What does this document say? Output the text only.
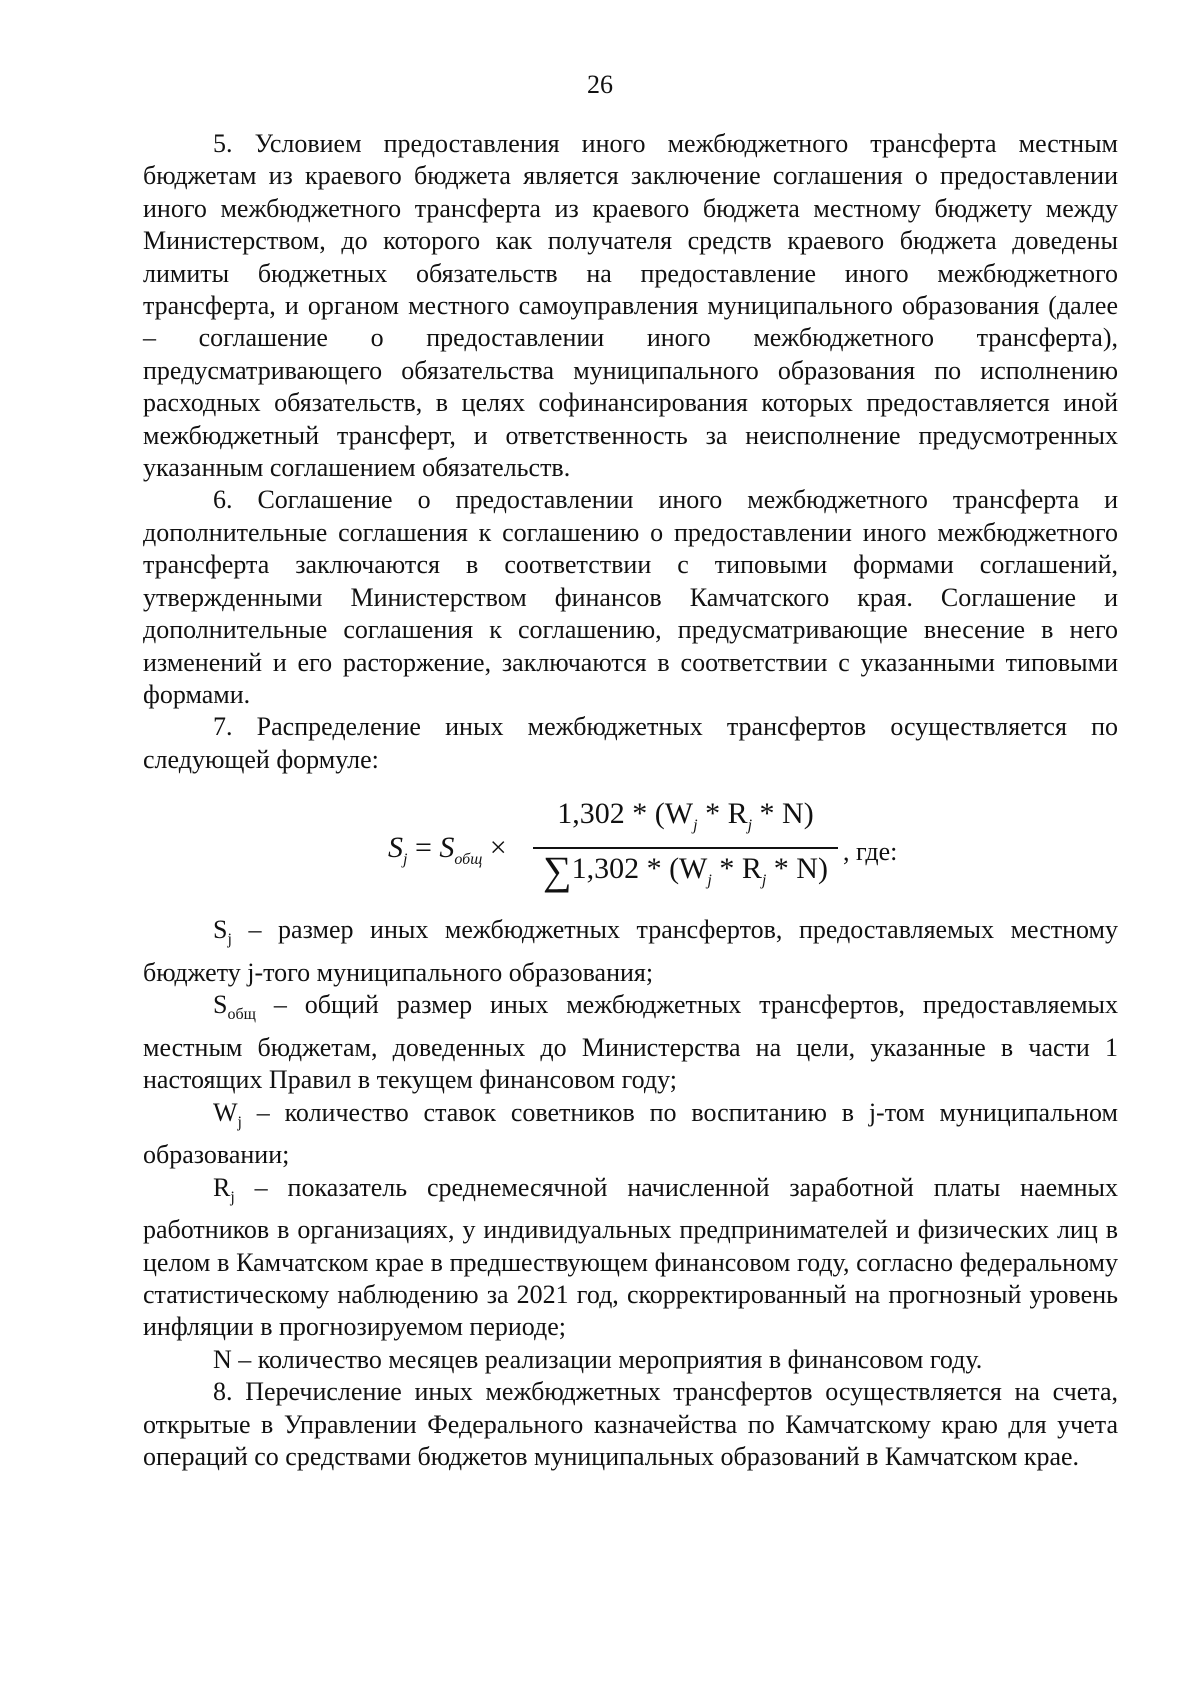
26

5. Условием предоставления иного межбюджетного трансферта местным бюджетам из краевого бюджета является заключение соглашения о предоставлении иного межбюджетного трансферта из краевого бюджета местному бюджету между Министерством, до которого как получателя средств краевого бюджета доведены лимиты бюджетных обязательств на предоставление иного межбюджетного трансферта, и органом местного самоуправления муниципального образования (далее – соглашение о предоставлении иного межбюджетного трансферта), предусматривающего обязательства муниципального образования по исполнению расходных обязательств, в целях софинансирования которых предоставляется иной межбюджетный трансферт, и ответственность за неисполнение предусмотренных указанным соглашением обязательств.

6. Соглашение о предоставлении иного межбюджетного трансферта и дополнительные соглашения к соглашению о предоставлении иного межбюджетного трансферта заключаются в соответствии с типовыми формами соглашений, утвержденными Министерством финансов Камчатского края. Соглашение и дополнительные соглашения к соглашению, предусматривающие внесение в него изменений и его расторжение, заключаются в соответствии с указанными типовыми формами.

7. Распределение иных межбюджетных трансфертов осуществляется по следующей формуле:

$S_j = S_{общ}$ ×
$1,302 * (W_j * R_j * N)$
$\sum 1,302 * (W_j * R_j * N)$ , где:

$S_j$ – размер иных межбюджетных трансфертов, предоставляемых местному бюджету j-того муниципального образования;

$S_{общ}$ – общий размер иных межбюджетных трансфертов, предоставляемых местным бюджетам, доведенных до Министерства на цели, указанные в части 1 настоящих Правил в текущем финансовом году;

$W_j$ – количество ставок советников по воспитанию в j-том муниципальном образовании;

$R_j$ – показатель среднемесячной начисленной заработной платы наемных работников в организациях, у индивидуальных предпринимателей и физических лиц в целом в Камчатском крае в предшествующем финансовом году, согласно федеральному статистическому наблюдению за 2021 год, скорректированный на прогнозный уровень инфляции в прогнозируемом периоде;

N – количество месяцев реализации мероприятия в финансовом году.

8. Перечисление иных межбюджетных трансфертов осуществляется на счета, открытые в Управлении Федерального казначейства по Камчатскому краю для учета операций со средствами бюджетов муниципальных образований в Камчатском крае.
